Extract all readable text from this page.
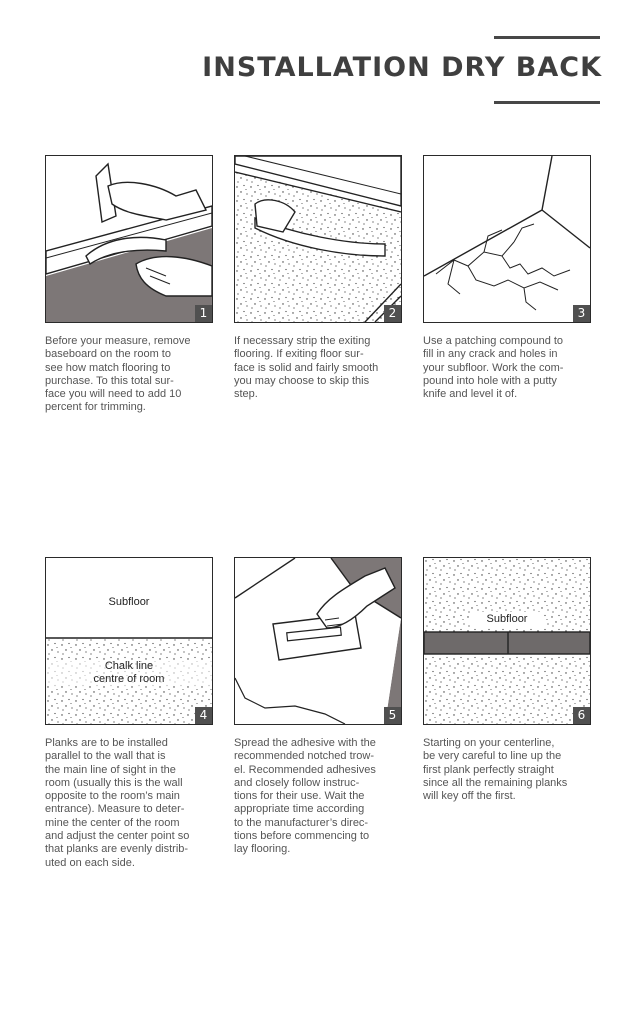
INSTALLATION DRY BACK
1
Before your measure, remove
baseboard on the room to
see how match flooring to
purchase. To this total sur-
face you will need to add 10
percent for trimming.
2
If necessary strip the exiting
flooring. If exiting floor sur-
face is solid and fairly smooth
you may choose to skip this
step.
3
Use a patching compound to
fill in any crack and holes in
your subfloor. Work the com-
pound into hole with a putty
knife and level it of.
Subfloor
Chalk line
centre of room
4
Planks are to be installed
parallel to the wall that is
the main line of sight in the
room (usually this is the wall
opposite to the room’s main
entrance). Measure to deter-
mine the center of the room
and adjust the center point so
that planks are evenly distrib-
uted on each side.
5
Spread the adhesive with the
recommended notched trow-
el. Recommended adhesives
and closely follow instruc-
tions for their use. Wait the
appropriate time according
to the manufacturer’s direc-
tions before commencing to
lay flooring.
Subfloor
6
Starting on your centerline,
be very careful to line up the
first plank perfectly straight
since all the remaining planks
will key off the first.
